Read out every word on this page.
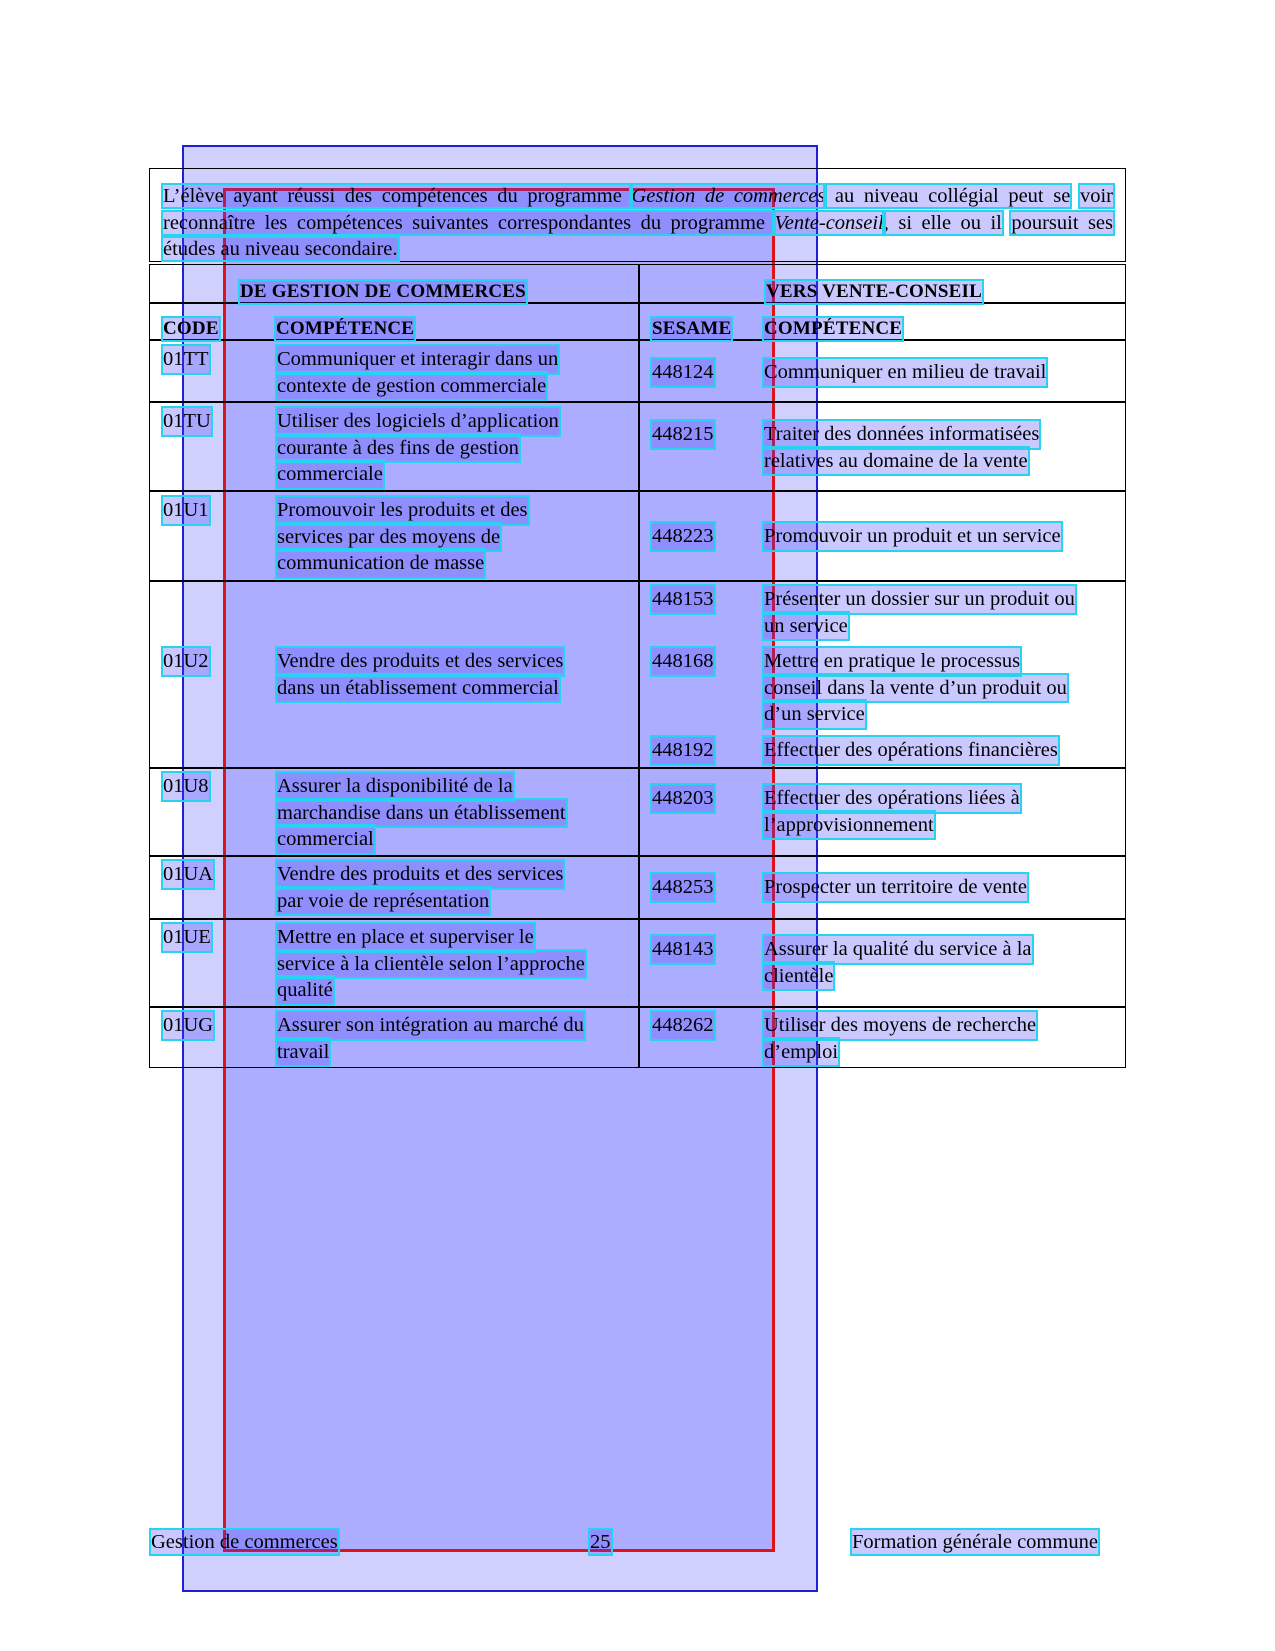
L’élève ayant réussi des compétences du programme Gestion de commerces au niveau collégial peut se voir reconnaître les compétences suivantes correspondantes du programme Vente-conseil, si elle ou il poursuit ses études au niveau secondaire.

DE GESTION DE COMMERCES	VERS VENTE-CONSEIL
CODE	COMPÉTENCE	SESAME COMPÉTENCE
01TT	Communiquer et interagir dans un
contexte de gestion commerciale
448124 Communiquer en milieu de travail
01TU	Utiliser des logiciels d’application
courante à des fins de gestion
commerciale
448215 Traiter des données informatisées
relatives au domaine de la vente
01U1	Promouvoir les produits et des
services par des moyens de
communication de masse
448223 Promouvoir un produit et un service
01U2	Vendre des produits et des services
dans un établissement commercial
448153 Présenter un dossier sur un produit ou
un service
448168 Mettre en pratique le processus
conseil dans la vente d’un produit ou
d’un service
448192 Effectuer des opérations financières
01U8	Assurer la disponibilité de la
marchandise dans un établissement
commercial
448203 Effectuer des opérations liées à
l’approvisionnement
01UA	Vendre des produits et des services
par voie de représentation
448253 Prospecter un territoire de vente
01UE	Mettre en place et superviser le
service à la clientèle selon l’approche
qualité
448143 Assurer la qualité du service à la
clientèle
01UG	Assurer son intégration au marché du
travail
448262 Utiliser des moyens de recherche
d’emploi
Gestion de commerces	25	Formation générale commune
